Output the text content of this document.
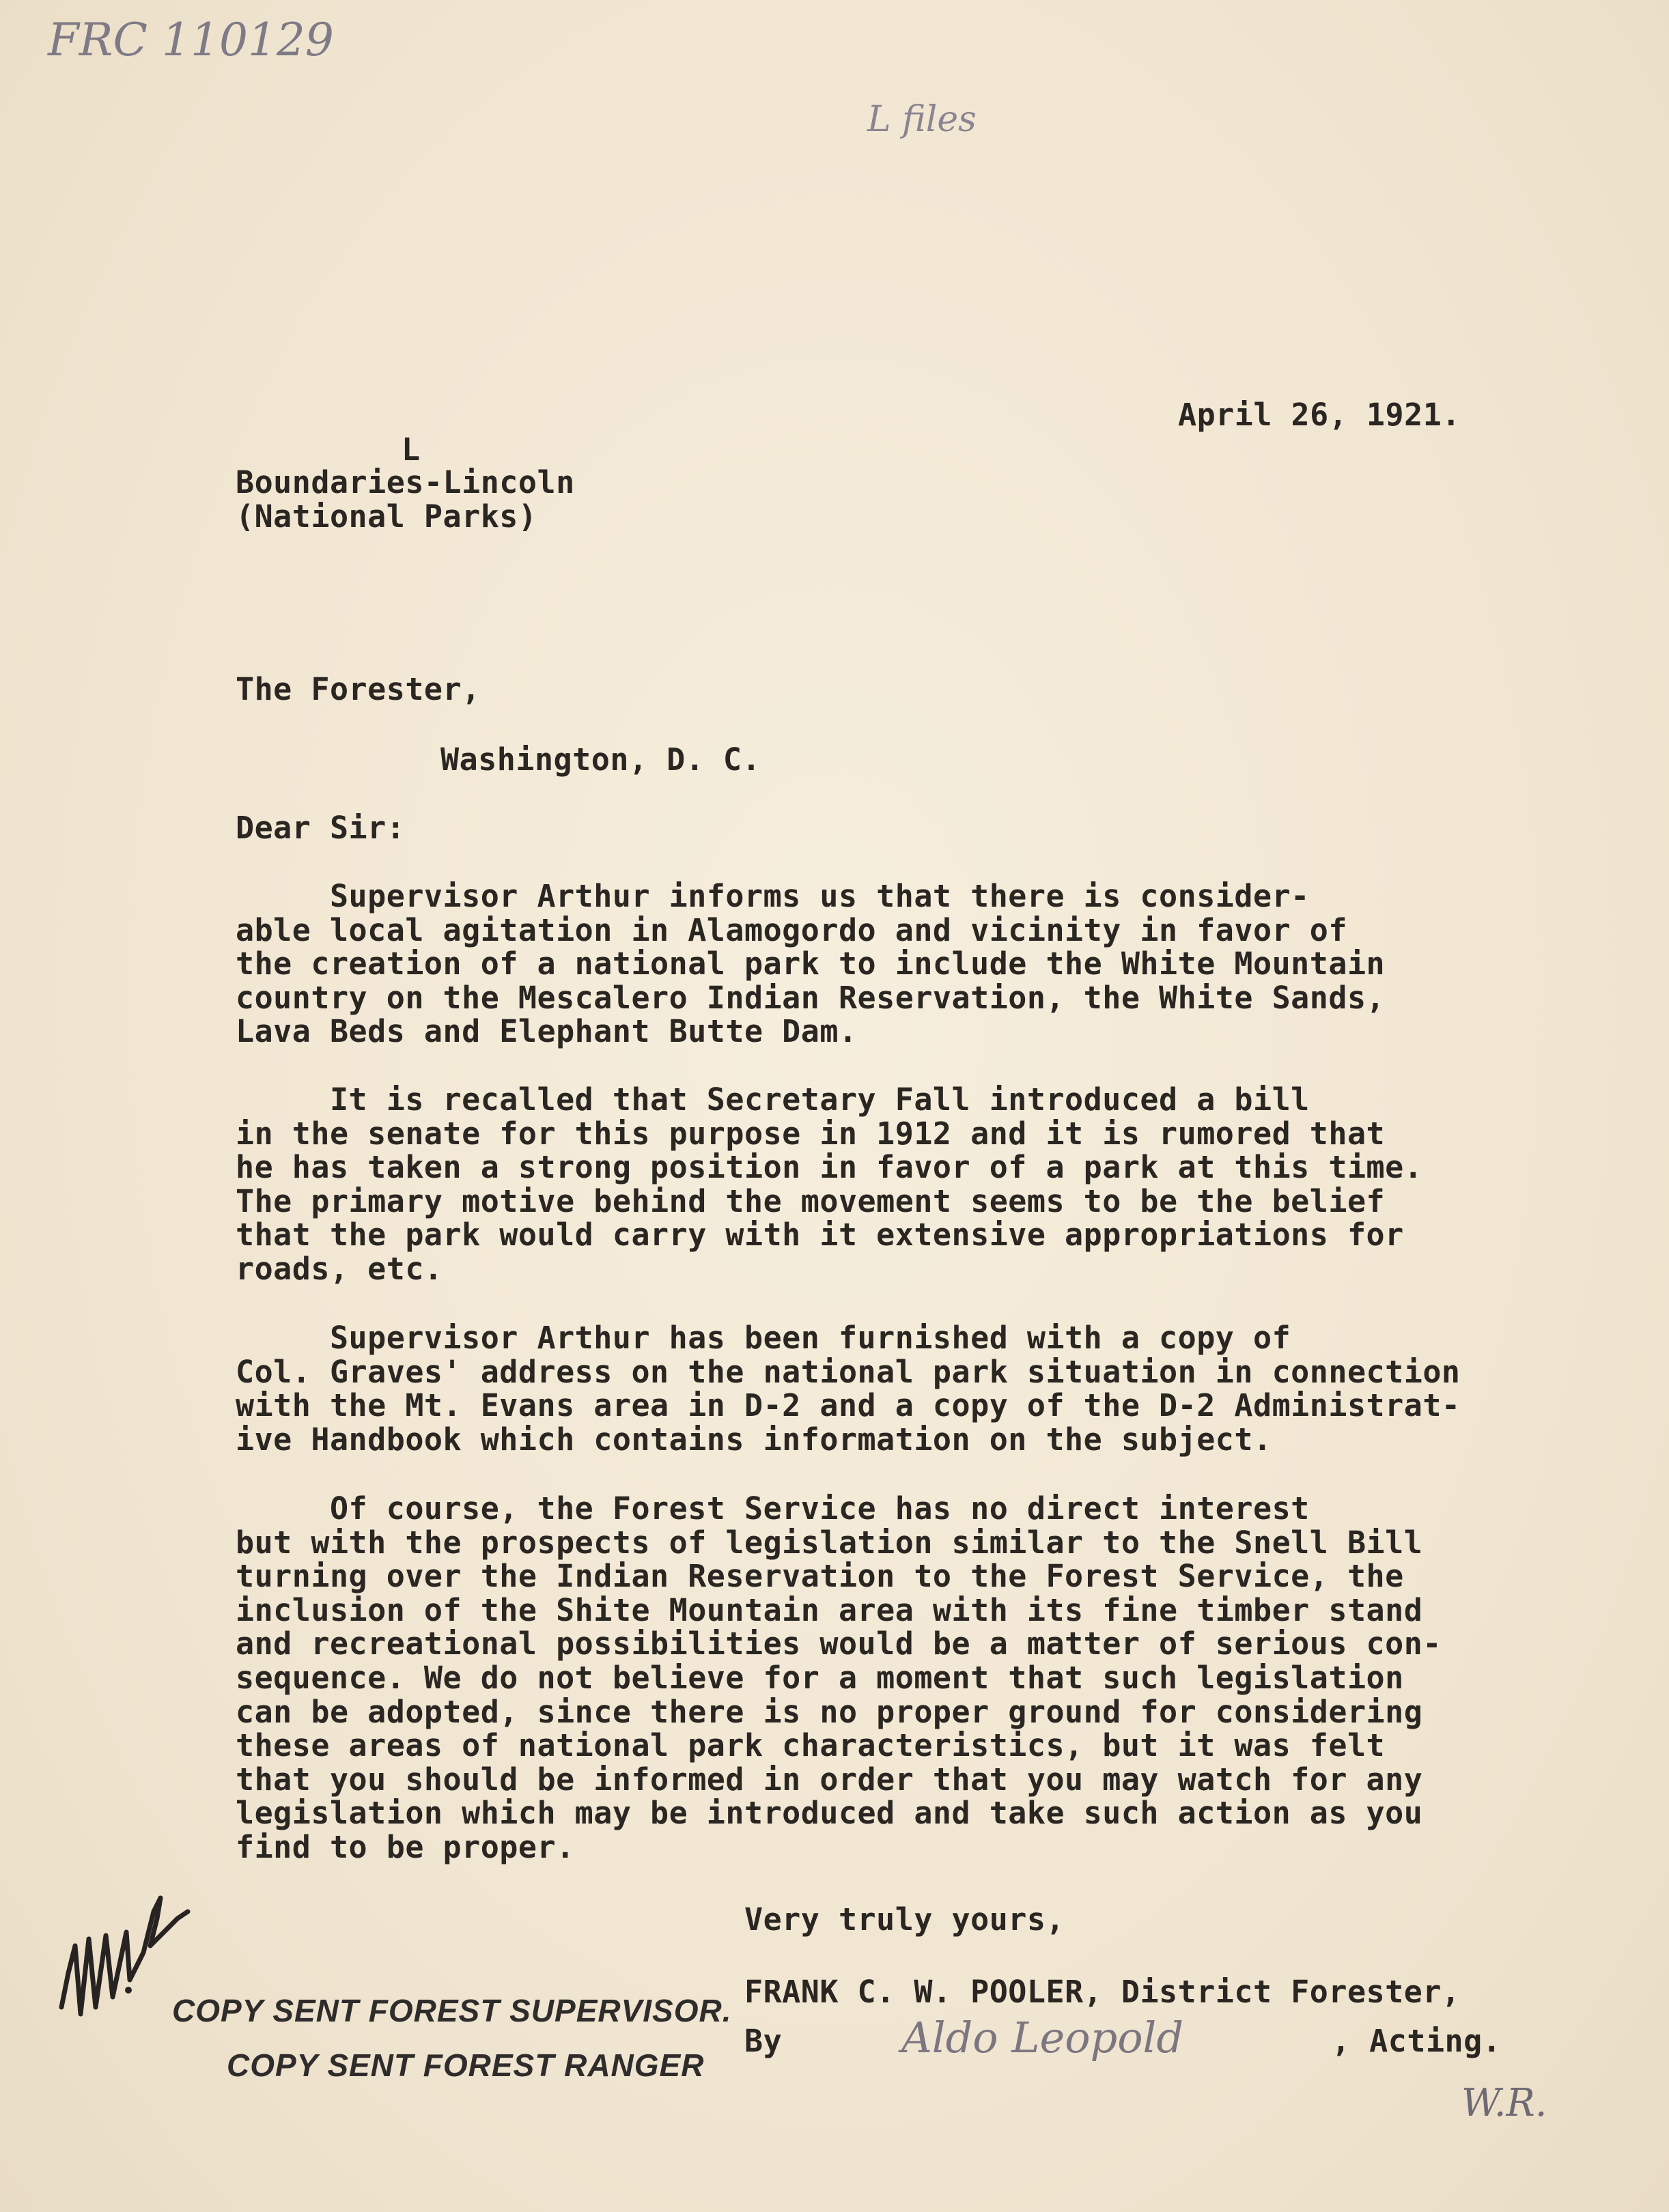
FRC 110129
L files
April 26, 1921.
L
Boundaries-Lincoln
(National Parks)
The Forester,
Washington, D. C.
Dear Sir:
Supervisor Arthur informs us that there is consider-
able local agitation in Alamogordo and vicinity in favor of
the creation of a national park to include the White Mountain
country on the Mescalero Indian Reservation, the White Sands,
Lava Beds and Elephant Butte Dam.
It is recalled that Secretary Fall introduced a bill
in the senate for this purpose in 1912 and it is rumored that
he has taken a strong position in favor of a park at this time.
The primary motive behind the movement seems to be the belief
that the park would carry with it extensive appropriations for
roads, etc.
Supervisor Arthur has been furnished with a copy of
Col. Graves' address on the national park situation in connection
with the Mt. Evans area in D-2 and a copy of the D-2 Administrat-
ive Handbook which contains information on the subject.
Of course, the Forest Service has no direct interest
but with the prospects of legislation similar to the Snell Bill
turning over the Indian Reservation to the Forest Service, the
inclusion of the Shite Mountain area with its fine timber stand
and recreational possibilities would be a matter of serious con-
sequence. We do not believe for a moment that such legislation
can be adopted, since there is no proper ground for considering
these areas of national park characteristics, but it was felt
that you should be informed in order that you may watch for any
legislation which may be introduced and take such action as you
find to be proper.
Very truly yours,
FRANK C. W. POOLER, District Forester,
By	Aldo Leopold	, Acting.
W.R.
COPY SENT FOREST SUPERVISOR.
COPY SENT FOREST RANGER
